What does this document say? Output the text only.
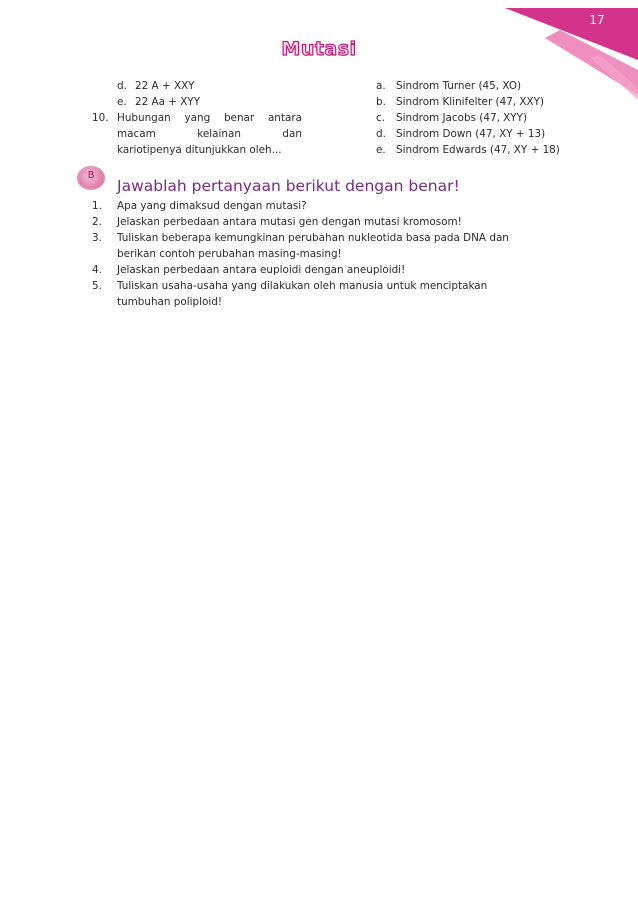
17
Mutasi
d. 22 A + XXY
e. 22 Aa + XYY
10. Hubungan yang benar antara
macam	kelainan	dan
kariotipenya ditunjukkan oleh...
a. Sindrom Turner (45, XO)
b. Sindrom Klinifelter (47, XXY)
c. Sindrom Jacobs (47, XYY)
d. Sindrom Down (47, XY + 13)
e. Sindrom Edwards (47, XY + 18)
B
Jawablah pertanyaan berikut dengan benar!
1. Apa yang dimaksud dengan mutasi?
2. Jelaskan perbedaan antara mutasi gen dengan mutasi kromosom!
3. Tuliskan beberapa kemungkinan perubahan nukleotida basa pada DNA dan
berikan contoh perubahan masing-masing!
4. Jelaskan perbedaan antara euploidi dengan aneuploidi!
5. Tuliskan usaha-usaha yang dilakukan oleh manusia untuk menciptakan
tumbuhan poliploid!
